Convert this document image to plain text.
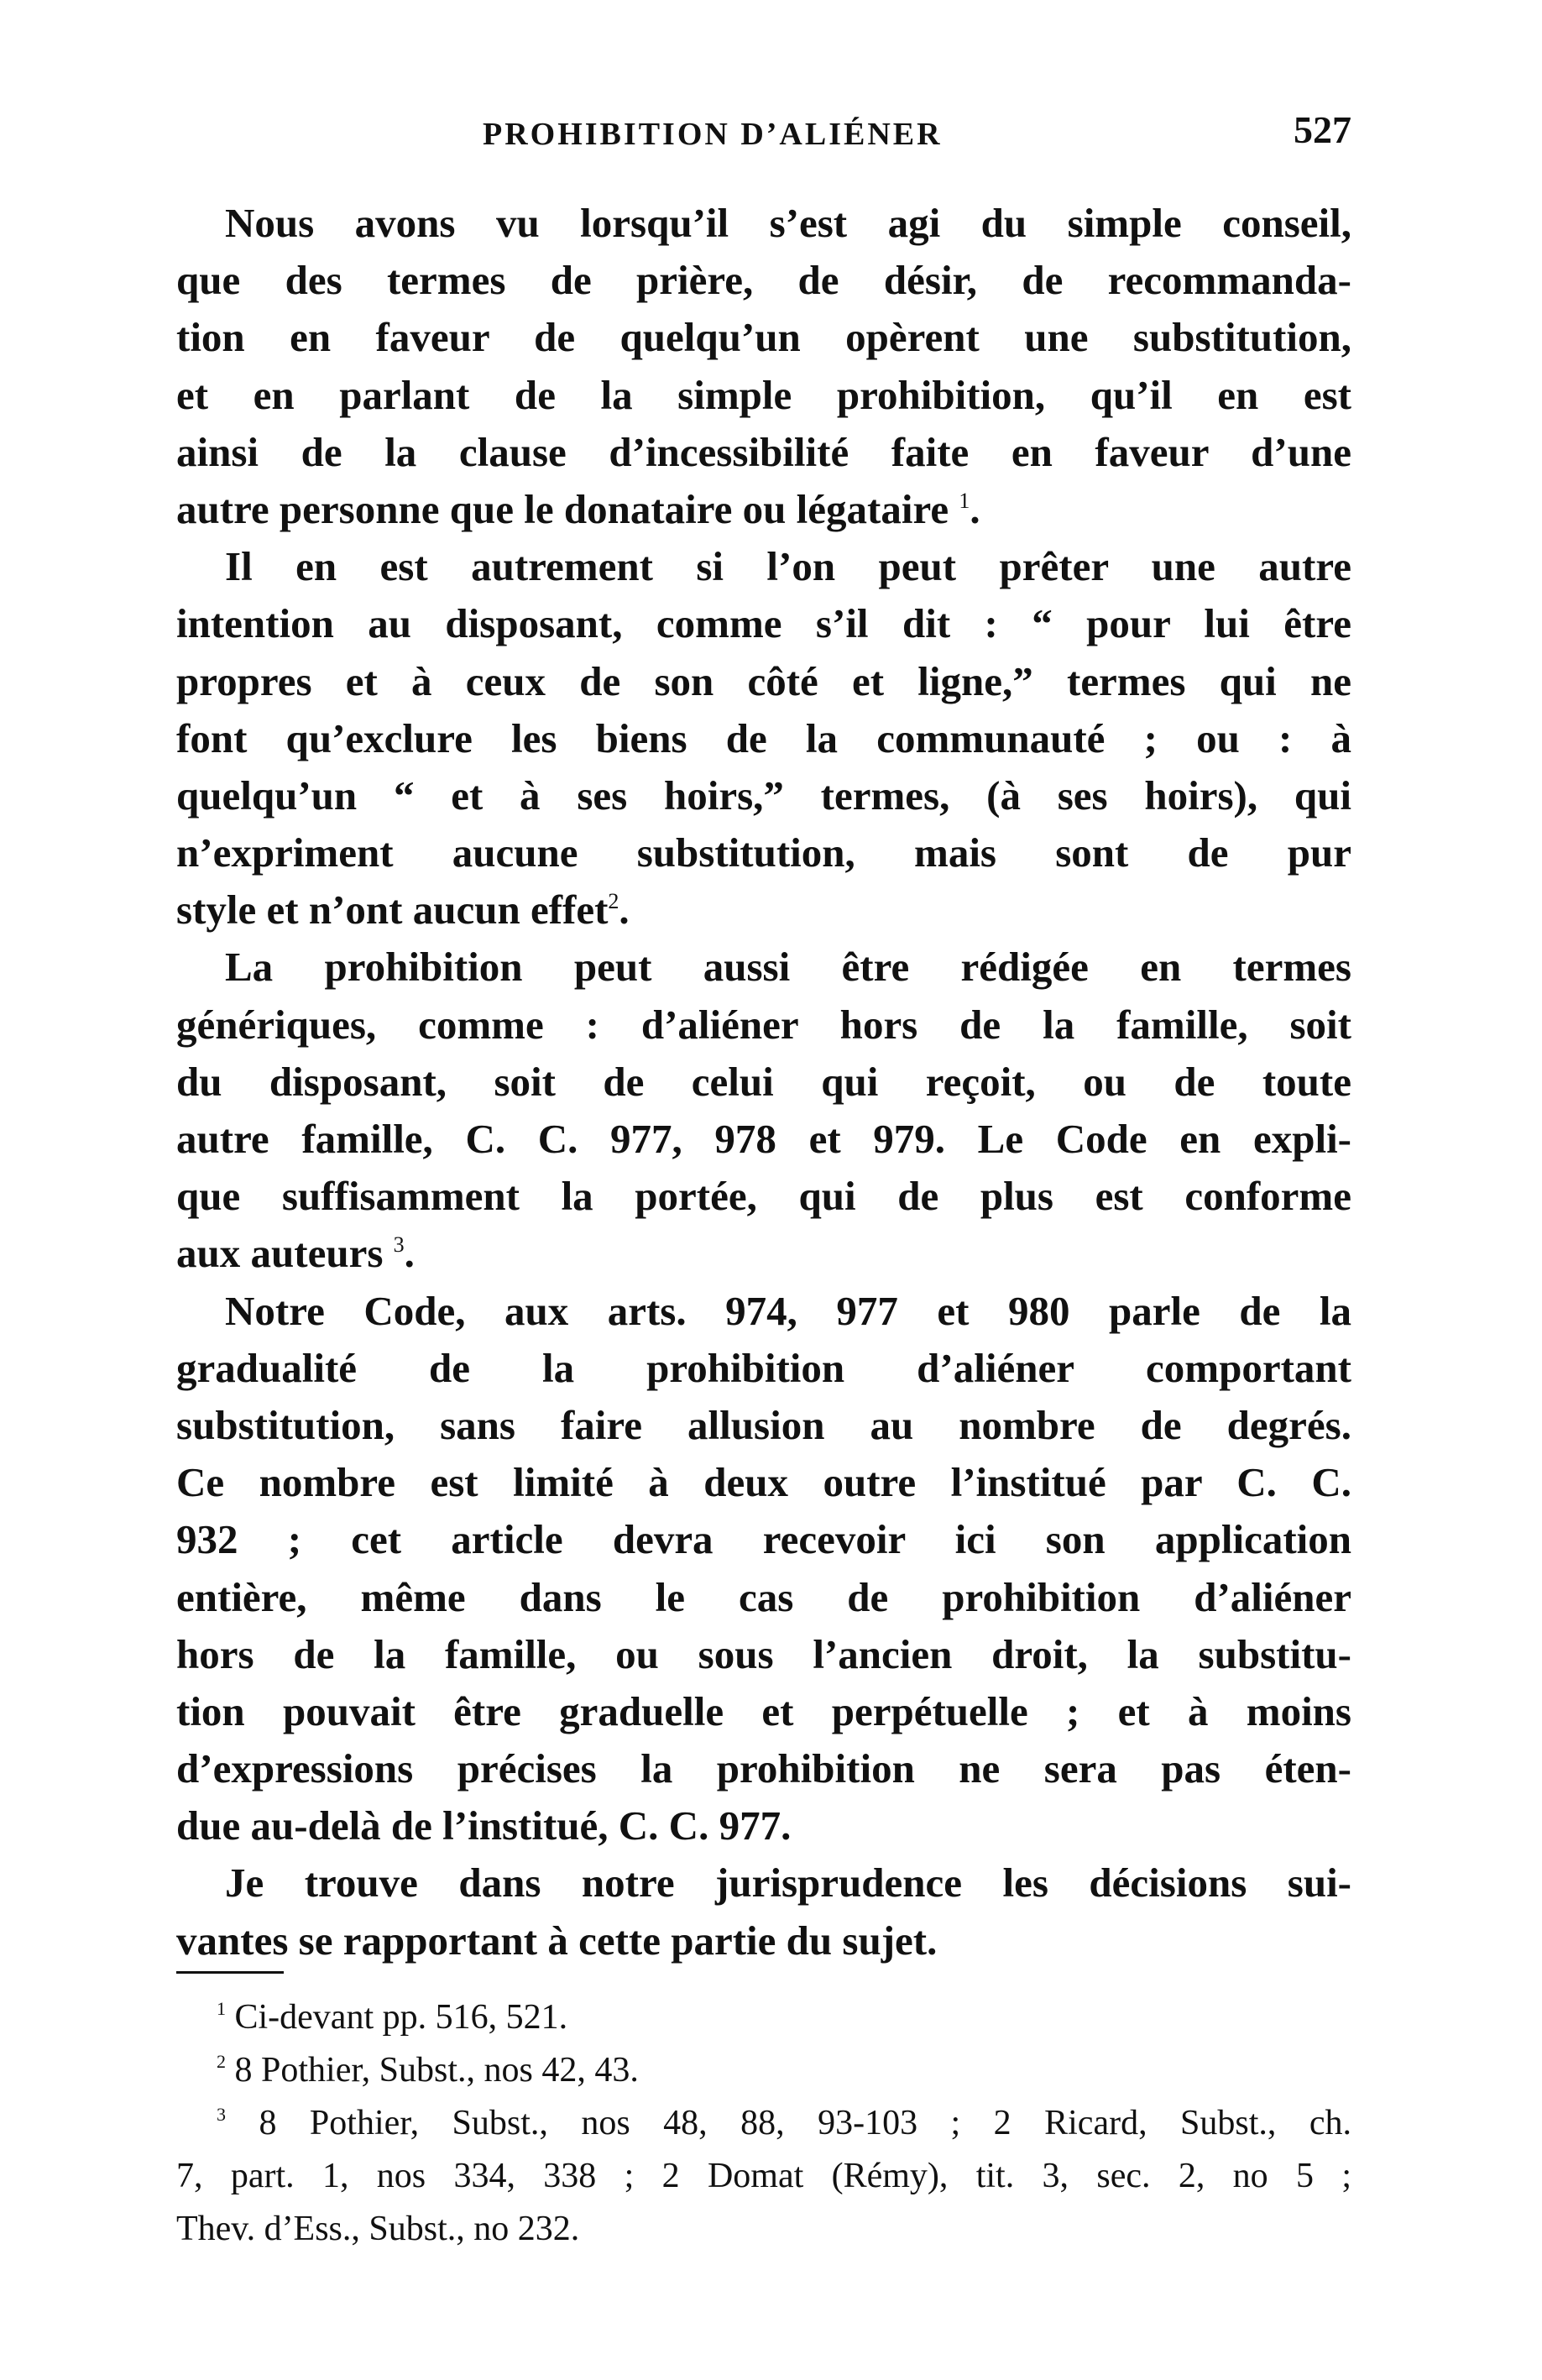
PROHIBITION D’ALIÉNER	527
Nous avons vu lorsqu’il s’est agi du simple conseil,
que des termes de prière, de désir, de recommanda-
tion en faveur de quelqu’un opèrent une substitution,
et en parlant de la simple prohibition, qu’il en est
ainsi de la clause d’incessibilité faite en faveur d’une
autre personne que le donataire ou légataire $^1$.
Il en est autrement si l’on peut prêter une autre
intention au disposant, comme s’il dit : “ pour lui être
propres et à ceux de son côté et ligne,” termes qui ne
font qu’exclure les biens de la communauté ; ou : à
quelqu’un “ et à ses hoirs,” termes, (à ses hoirs), qui
n’expriment aucune substitution, mais sont de pur
style et n’ont aucun effet$^2$.
La prohibition peut aussi être rédigée en termes
génériques, comme : d’aliéner hors de la famille, soit
du disposant, soit de celui qui reçoit, ou de toute
autre famille, C. C. 977, 978 et 979. Le Code en expli-
que suffisamment la portée, qui de plus est conforme
aux auteurs $^3$.
Notre Code, aux arts. 974, 977 et 980 parle de la
gradualité de la prohibition d’aliéner comportant
substitution, sans faire allusion au nombre de degrés.
Ce nombre est limité à deux outre l’institué par C. C.
932 ; cet article devra recevoir ici son application
entière, même dans le cas de prohibition d’aliéner
hors de la famille, ou sous l’ancien droit, la substitu-
tion pouvait être graduelle et perpétuelle ; et à moins
d’expressions précises la prohibition ne sera pas éten-
due au-delà de l’institué, C. C. 977.
Je trouve dans notre jurisprudence les décisions sui-
vantes se rapportant à cette partie du sujet.
$^1$ Ci-devant pp. 516, 521.
$^2$ 8 Pothier, Subst., nos 42, 43.
$^3$ 8 Pothier, Subst., nos 48, 88, 93-103 ; 2 Ricard, Subst., ch.
7, part. 1, nos 334, 338 ; 2 Domat (Rémy), tit. 3, sec. 2, no 5 ;
Thev. d’Ess., Subst., no 232.
